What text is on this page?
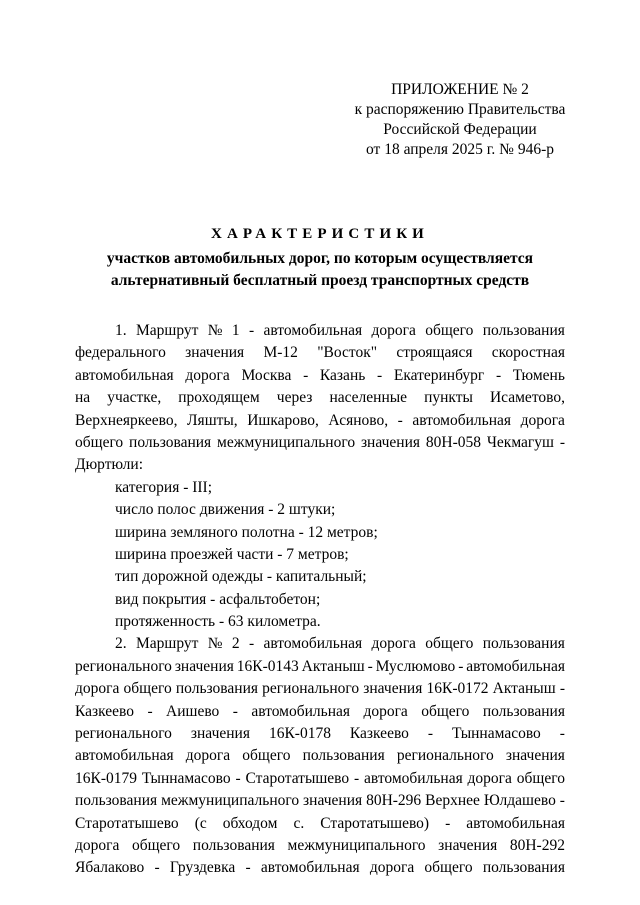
ПРИЛОЖЕНИЕ № 2
к распоряжению Правительства
Российской Федерации
от 18 апреля 2025 г. № 946-р
ХАРАКТЕРИСТИКИ
участков автомобильных дорог, по которым осуществляется
альтернативный бесплатный проезд транспортных средств
1. Маршрут № 1 - автомобильная дорога общего пользования
федерального значения М-12 "Восток" строящаяся скоростная
автомобильная дорога Москва - Казань - Екатеринбург - Тюмень
на участке, проходящем через населенные пункты Исаметово,
Верхнеяркеево, Ляшты, Ишкарово, Асяново, - автомобильная дорога
общего пользования межмуниципального значения 80Н-058 Чекмагуш -
Дюртюли:
категория - III;
число полос движения - 2 штуки;
ширина земляного полотна - 12 метров;
ширина проезжей части - 7 метров;
тип дорожной одежды - капитальный;
вид покрытия - асфальтобетон;
протяженность - 63 километра.
2. Маршрут № 2 - автомобильная дорога общего пользования
регионального значения 16К-0143 Актаныш - Муслюмово - автомобильная
дорога общего пользования регионального значения 16К-0172 Актаныш -
Казкеево - Аишево - автомобильная дорога общего пользования
регионального значения 16К-0178 Казкеево - Тыннамасово -
автомобильная дорога общего пользования регионального значения
16К-0179 Тыннамасово - Старотатышево - автомобильная дорога общего
пользования межмуниципального значения 80Н-296 Верхнее Юлдашево -
Старотатышево (с обходом с. Старотатышево) - автомобильная
дорога общего пользования межмуниципального значения 80Н-292
Ябалаково - Груздевка - автомобильная дорога общего пользования
